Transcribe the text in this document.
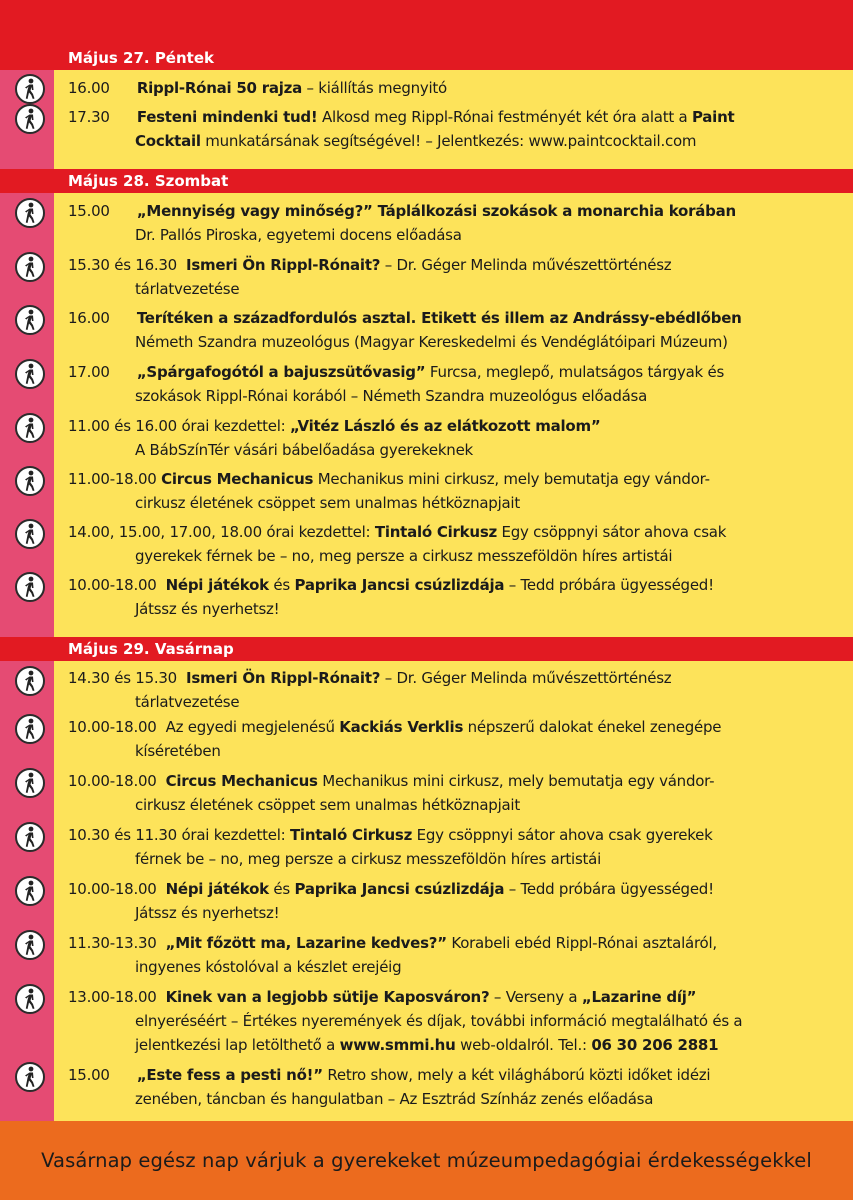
Május 27. Péntek
16.00 Rippl-Rónai 50 rajza – kiállítás megnyitó
17.30 Festeni mindenki tud! Alkosd meg Rippl-Rónai festményét két óra alatt a Paint
Cocktail munkatársának segítségével! – Jelentkezés: www.paintcocktail.com
Május 28. Szombat
15.00 „Mennyiség vagy minőség?” Táplálkozási szokások a monarchia korában
Dr. Pallós Piroska, egyetemi docens előadása
15.30 és 16.30 Ismeri Ön Rippl-Rónait? – Dr. Géger Melinda művészettörténész
tárlatvezetése
16.00 Terítéken a századfordulós asztal. Etikett és illem az Andrássy-ebédlőben
Németh Szandra muzeológus (Magyar Kereskedelmi és Vendéglátóipari Múzeum)
17.00 „Spárgafogótól a bajuszsütővasig” Furcsa, meglepő, mulatságos tárgyak és
szokások Rippl-Rónai korából – Németh Szandra muzeológus előadása
11.00 és 16.00 órai kezdettel: „Vitéz László és az elátkozott malom”
A BábSzínTér vásári bábelőadása gyerekeknek
11.00-18.00 Circus Mechanicus Mechanikus mini cirkusz, mely bemutatja egy vándor-
cirkusz életének csöppet sem unalmas hétköznapjait
14.00, 15.00, 17.00, 18.00 órai kezdettel: Tintaló Cirkusz Egy csöppnyi sátor ahova csak
gyerekek férnek be – no, meg persze a cirkusz messzeföldön híres artistái
10.00-18.00 Népi játékok és Paprika Jancsi csúzlizdája – Tedd próbára ügyességed!
Játssz és nyerhetsz!
Május 29. Vasárnap
14.30 és 15.30 Ismeri Ön Rippl-Rónait? – Dr. Géger Melinda művészettörténész
tárlatvezetése
10.00-18.00 Az egyedi megjelenésű Kackiás Verklis népszerű dalokat énekel zenegépe
kíséretében
10.00-18.00 Circus Mechanicus Mechanikus mini cirkusz, mely bemutatja egy vándor-
cirkusz életének csöppet sem unalmas hétköznapjait
10.30 és 11.30 órai kezdettel: Tintaló Cirkusz Egy csöppnyi sátor ahova csak gyerekek
férnek be – no, meg persze a cirkusz messzeföldön híres artistái
10.00-18.00 Népi játékok és Paprika Jancsi csúzlizdája – Tedd próbára ügyességed!
Játssz és nyerhetsz!
11.30-13.30 „Mit főzött ma, Lazarine kedves?” Korabeli ebéd Rippl-Rónai asztaláról,
ingyenes kóstolóval a készlet erejéig
13.00-18.00 Kinek van a legjobb sütije Kaposváron? – Verseny a „Lazarine díj”
elnyeréséért – Értékes nyeremények és díjak, további információ megtalálható és a
jelentkezési lap letölthető a www.smmi.hu web-oldalról. Tel.: 06 30 206 2881
15.00 „Este fess a pesti nő!” Retro show, mely a két világháború közti időket idézi
zenében, táncban és hangulatban – Az Esztrád Színház zenés előadása
Vasárnap egész nap várjuk a gyerekeket múzeumpedagógiai érdekességekkel
